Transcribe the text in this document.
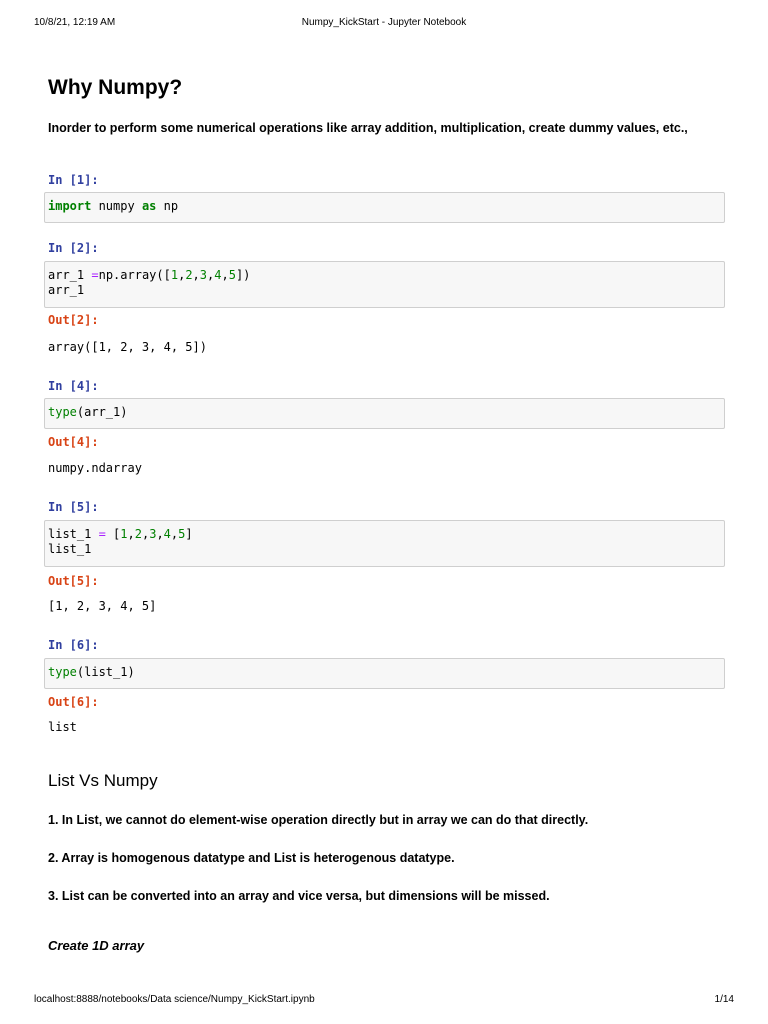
10/8/21, 12:19 AM	Numpy_KickStart - Jupyter Notebook
Why Numpy?

Inorder to perform some numerical operations like array addition, multiplication, create dummy values, etc.,

In [1]:
import numpy as np
In [2]:
arr_1 =np.array([1,2,3,4,5])
arr_1
Out[2]:
array([1, 2, 3, 4, 5])
In [4]:
type(arr_1)
Out[4]:
numpy.ndarray
In [5]:
list_1 = [1,2,3,4,5]
list_1
Out[5]:
[1, 2, 3, 4, 5]
In [6]:
type(list_1)
Out[6]:
list
List Vs Numpy

1. In List, we cannot do element-wise operation directly but in array we can do that directly.

2. Array is homogenous datatype and List is heterogenous datatype.

3. List can be converted into an array and vice versa, but dimensions will be missed.

Create 1D array
localhost:8888/notebooks/Data science/Numpy_KickStart.ipynb	1/14
